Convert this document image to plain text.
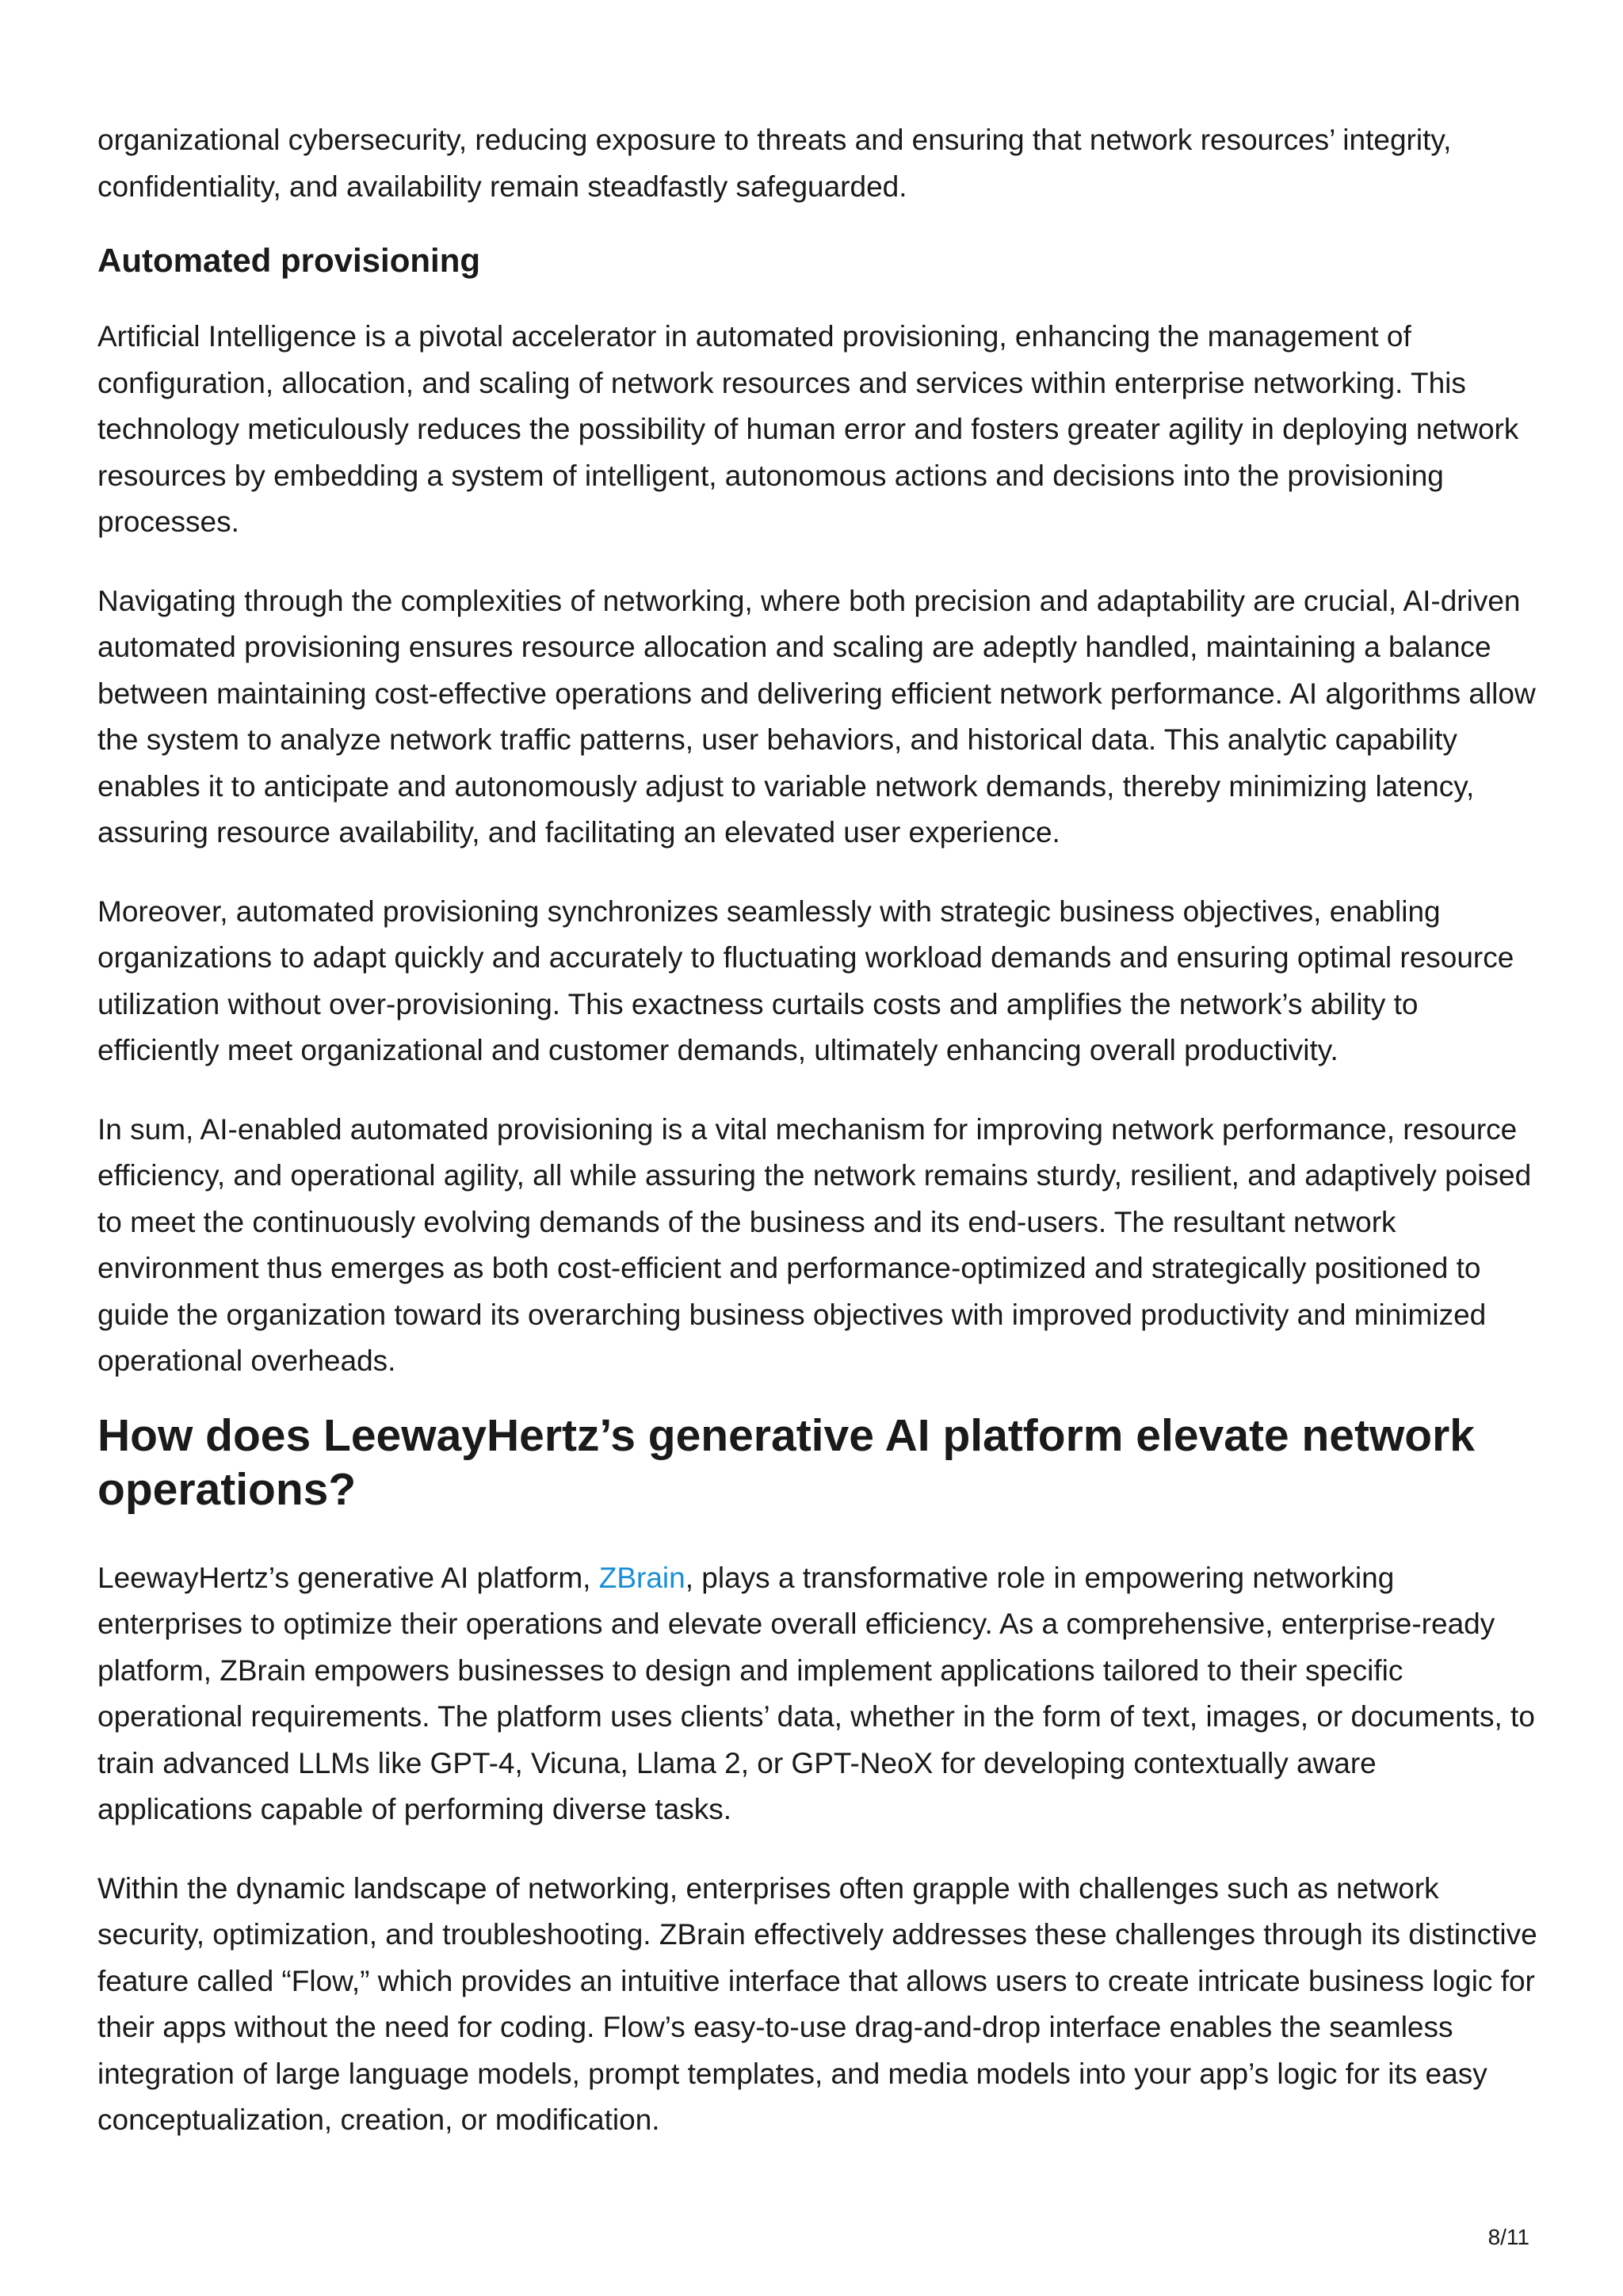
organizational cybersecurity, reducing exposure to threats and ensuring that network resources’ integrity, confidentiality, and availability remain steadfastly safeguarded.

Automated provisioning

Artificial Intelligence is a pivotal accelerator in automated provisioning, enhancing the management of configuration, allocation, and scaling of network resources and services within enterprise networking. This technology meticulously reduces the possibility of human error and fosters greater agility in deploying network resources by embedding a system of intelligent, autonomous actions and decisions into the provisioning processes.

Navigating through the complexities of networking, where both precision and adaptability are crucial, AI-driven automated provisioning ensures resource allocation and scaling are adeptly handled, maintaining a balance between maintaining cost-effective operations and delivering efficient network performance. AI algorithms allow the system to analyze network traffic patterns, user behaviors, and historical data. This analytic capability enables it to anticipate and autonomously adjust to variable network demands, thereby minimizing latency, assuring resource availability, and facilitating an elevated user experience.

Moreover, automated provisioning synchronizes seamlessly with strategic business objectives, enabling organizations to adapt quickly and accurately to fluctuating workload demands and ensuring optimal resource utilization without over-provisioning. This exactness curtails costs and amplifies the network’s ability to efficiently meet organizational and customer demands, ultimately enhancing overall productivity.

In sum, AI-enabled automated provisioning is a vital mechanism for improving network performance, resource efficiency, and operational agility, all while assuring the network remains sturdy, resilient, and adaptively poised to meet the continuously evolving demands of the business and its end-users. The resultant network environment thus emerges as both cost-efficient and performance-optimized and strategically positioned to guide the organization toward its overarching business objectives with improved productivity and minimized operational overheads.

How does LeewayHertz’s generative AI platform elevate network operations?

LeewayHertz’s generative AI platform, ZBrain, plays a transformative role in empowering networking enterprises to optimize their operations and elevate overall efficiency. As a comprehensive, enterprise-ready platform, ZBrain empowers businesses to design and implement applications tailored to their specific operational requirements. The platform uses clients’ data, whether in the form of text, images, or documents, to train advanced LLMs like GPT-4, Vicuna, Llama 2, or GPT-NeoX for developing contextually aware applications capable of performing diverse tasks.

Within the dynamic landscape of networking, enterprises often grapple with challenges such as network security, optimization, and troubleshooting. ZBrain effectively addresses these challenges through its distinctive feature called “Flow,” which provides an intuitive interface that allows users to create intricate business logic for their apps without the need for coding. Flow’s easy-to-use drag-and-drop interface enables the seamless integration of large language models, prompt templates, and media models into your app’s logic for its easy conceptualization, creation, or modification.

8/11
